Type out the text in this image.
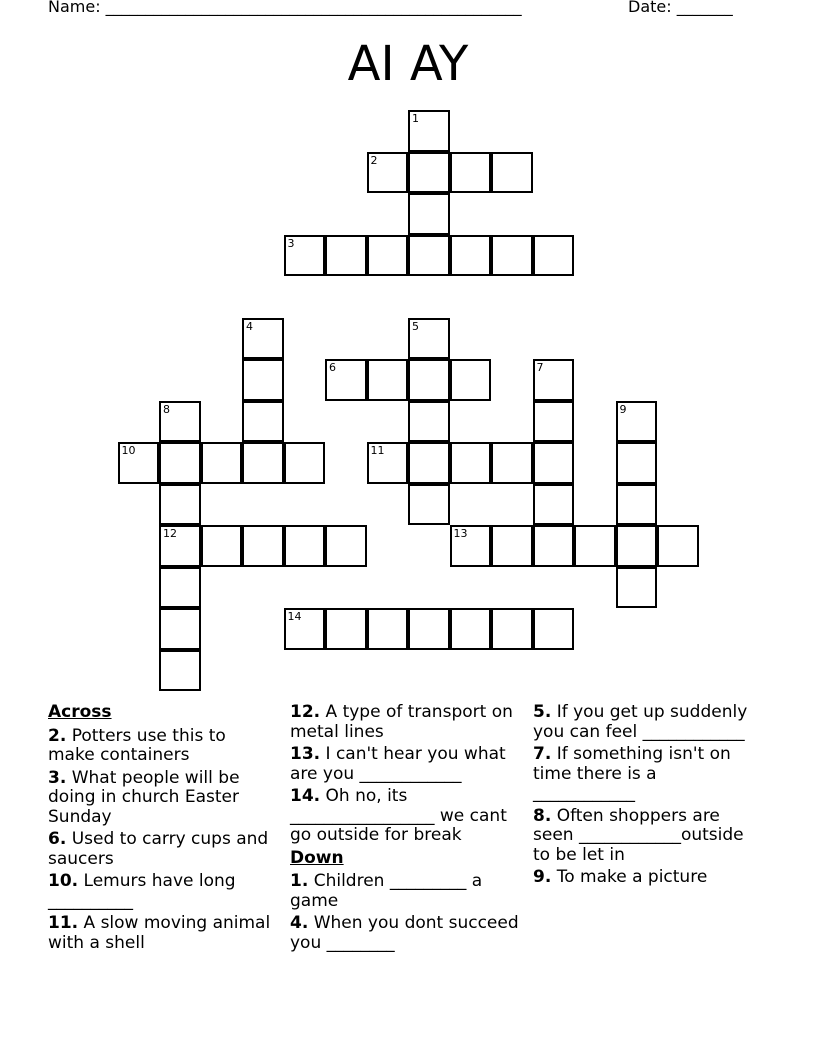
Name: ____________________________________________________	Date: _______
AI AY
1
2
3
4	5
6	7
8	9
10	11
12	13
14
Across
2. Potters use this to make containers
3. What people will be doing in church Easter Sunday
6. Used to carry cups and saucers
10. Lemurs have long __________
11. A slow moving animal with a shell
12. A type of transport on metal lines
13. I can't hear you what are you ____________
14. Oh no, its _________________ we cant go outside for break
Down
1. Children _________ a game
4. When you dont succeed you ________
5. If you get up suddenly you can feel ____________
7. If something isn't on time there is a ____________
8. Often shoppers are seen ____________outside to be let in
9. To make a picture
